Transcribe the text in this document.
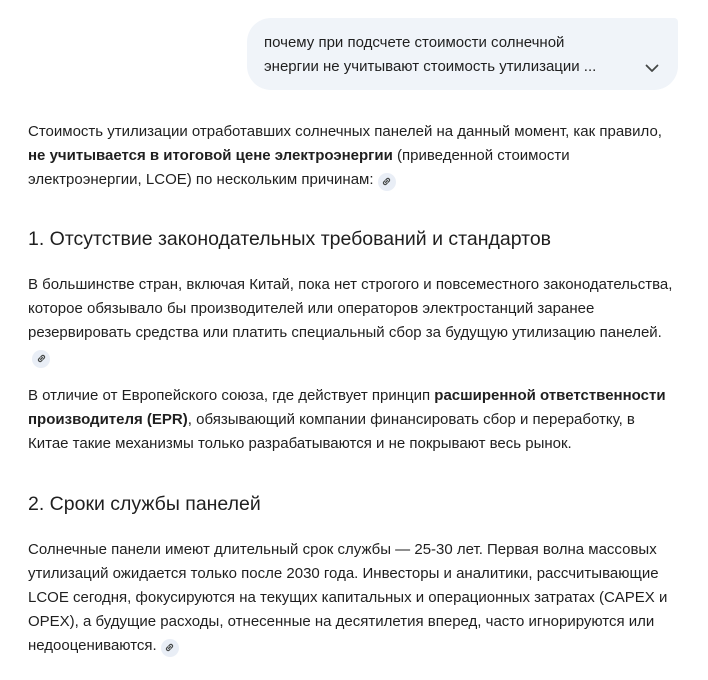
почему при подсчете стоимости солнечной
энергии не учитывают стоимость утилизации ...

Стоимость утилизации отработавших солнечных панелей на данный момент, как правило, не учитывается в итоговой цене электроэнергии (приведенной стоимости электроэнергии, LCOE) по нескольким причинам:

1. Отсутствие законодательных требований и стандартов

В большинстве стран, включая Китай, пока нет строгого и повсеместного законодательства, которое обязывало бы производителей или операторов электростанций заранее резервировать средства или платить специальный сбор за будущую утилизацию панелей.

В отличие от Европейского союза, где действует принцип расширенной ответственности производителя (EPR), обязывающий компании финансировать сбор и переработку, в Китае такие механизмы только разрабатываются и не покрывают весь рынок.

2. Сроки службы панелей

Солнечные панели имеют длительный срок службы — 25-30 лет. Первая волна массовых утилизаций ожидается только после 2030 года. Инвесторы и аналитики, рассчитывающие LCOE сегодня, фокусируются на текущих капитальных и операционных затратах (CAPEX и OPEX), а будущие расходы, отнесенные на десятилетия вперед, часто игнорируются или недооцениваются.
